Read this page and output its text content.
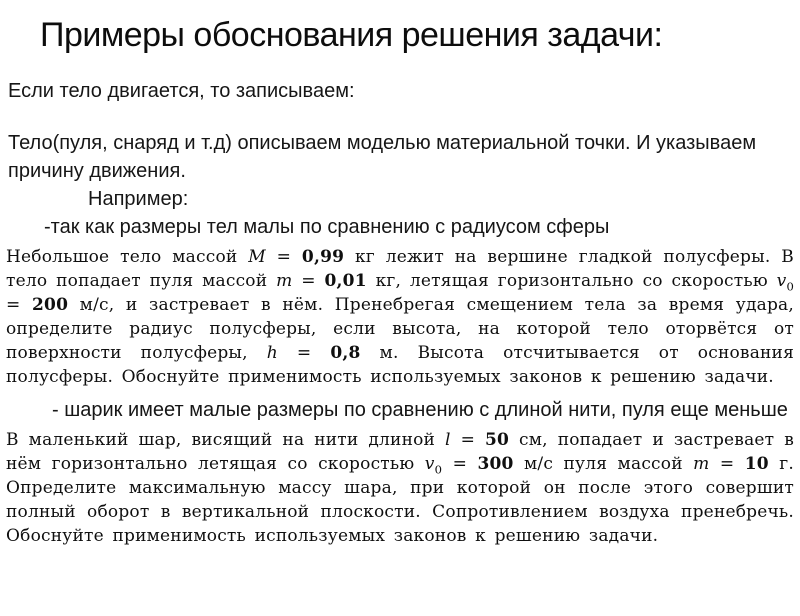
Примеры обоснования решения задачи:
Если тело двигается, то записываем:
Тело(пуля, снаряд и т.д) описываем моделью материальной точки. И указываем причину движения.
Например:
-так как размеры тел малы по сравнению с радиусом сферы
Небольшое тело массой M = 0,99 кг лежит на вершине гладкой полусферы. В тело попадает пуля массой m = 0,01 кг, летящая горизонтально со скоростью $v_0 = 200$ м/с, и застревает в нём. Пренебрегая смещением тела за время удара, определите радиус полусферы, если высота, на которой тело оторвётся от поверхности полусферы, h = 0,8 м. Высота отсчитывается от основания полусферы. Обоснуйте применимость используемых законов к решению задачи.
- шарик имеет малые размеры по сравнению с длиной нити, пуля еще меньше
В маленький шар, висящий на нити длиной l = 50 см, попадает и застревает в нём горизонтально летящая со скоростью $v_0 = 300$ м/с пуля массой m = 10 г. Определите максимальную массу шара, при которой он после этого совершит полный оборот в вертикальной плоскости. Сопротивлением воздуха пренебречь. Обоснуйте применимость используемых законов к решению задачи.
